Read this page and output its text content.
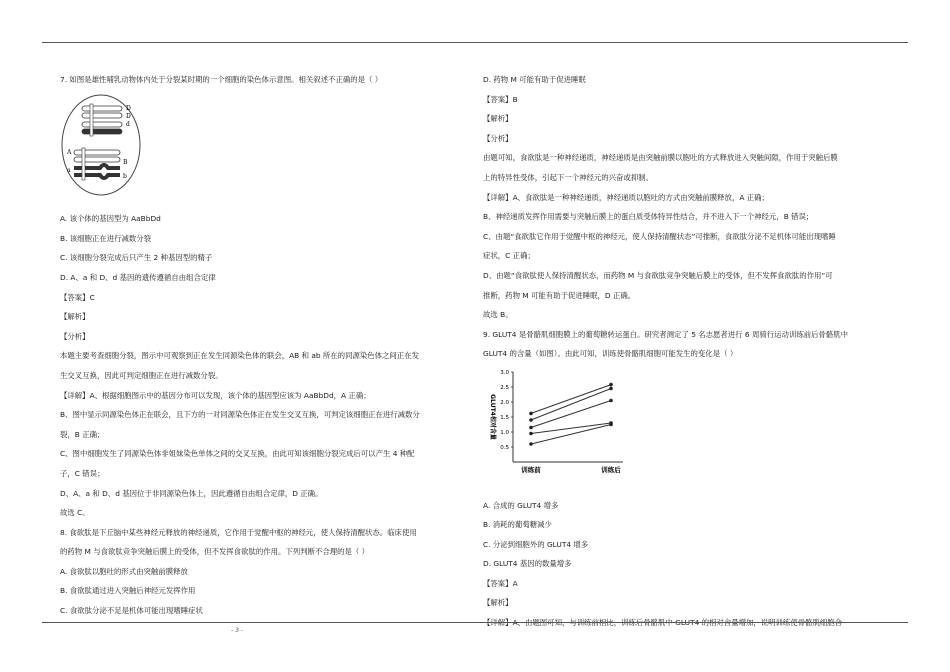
7. 如图是雄性哺乳动物体内处于分裂某时期的一个细胞的染色体示意图。相关叙述不正确的是（ ）

D
D
d
A
a
B
b

A. 该个体的基因型为 AaBbDd

B. 该细胞正在进行减数分裂

C. 该细胞分裂完成后只产生 2 种基因型的精子

D. A、a 和 D、d 基因的遗传遵循自由组合定律

【答案】C

【解析】

【分析】

本题主要考查细胞分裂，图示中可观察到正在发生同源染色体的联会，AB 和 ab 所在的同源染色体之间正在发

生交叉互换，因此可判定细胞正在进行减数分裂。

【详解】A、根据细胞图示中的基因分布可以发现，该个体的基因型应该为 AaBbDd，A 正确；

B、图中显示同源染色体正在联会，且下方的一对同源染色体正在发生交叉互换，可判定该细胞正在进行减数分

裂，B 正确；

C、图中细胞发生了同源染色体非姐妹染色单体之间的交叉互换，由此可知该细胞分裂完成后可以产生 4 种配

子，C 错误；

D、A、a 和 D、d 基因位于非同源染色体上，因此遵循自由组合定律，D 正确。

故选 C。

8. 食欲肽是下丘脑中某些神经元释放的神经递质，它作用于觉醒中枢的神经元，使人保持清醒状态。临床使用

的药物 M 与食欲肽竞争突触后膜上的受体，但不发挥食欲肽的作用。下列判断不合理的是（ ）

A. 食欲肽以胞吐的形式由突触前膜释放

B. 食欲肽通过进入突触后神经元发挥作用

C. 食欲肽分泌不足是机体可能出现嗜睡症状

D. 药物 M 可能有助于促进睡眠

【答案】B

【解析】

【分析】

由题可知，食欲肽是一种神经递质，神经递质是由突触前膜以胞吐的方式释放进入突触间隙，作用于突触后膜

上的特异性受体，引起下一个神经元的兴奋或抑制。

【详解】A、食欲肽是一种神经递质，神经递质以胞吐的方式由突触前膜释放，A 正确；

B、神经递质发挥作用需要与突触后膜上的蛋白质受体特异性结合，并不进入下一个神经元，B 错误；

C、由题“食欲肽它作用于觉醒中枢的神经元，使人保持清醒状态”可推断，食欲肽分泌不足机体可能出现嗜睡

症状，C 正确；

D、由题“食欲肽使人保持清醒状态，而药物 M 与食欲肽竞争突触后膜上的受体，但不发挥食欲肽的作用”可

推断，药物 M 可能有助于促进睡眠，D 正确。

故选 B。

9. GLUT4 是骨骼肌细胞膜上的葡萄糖转运蛋白。研究者测定了 5 名志愿者进行 6 周骑行运动训练前后骨骼肌中

GLUT4 的含量（如图）。由此可知，训练使骨骼肌细胞可能发生的变化是（ ）

0.5
1.0
1.5
2.0
2.5
3.0
GLUT4相对含量
训练前	训练后

A. 合成的 GLUT4 增多

B. 消耗的葡萄糖减少

C. 分泌到细胞外的 GLUT4 增多

D. GLUT4 基因的数量增多

【答案】A

【解析】

- 3 -
